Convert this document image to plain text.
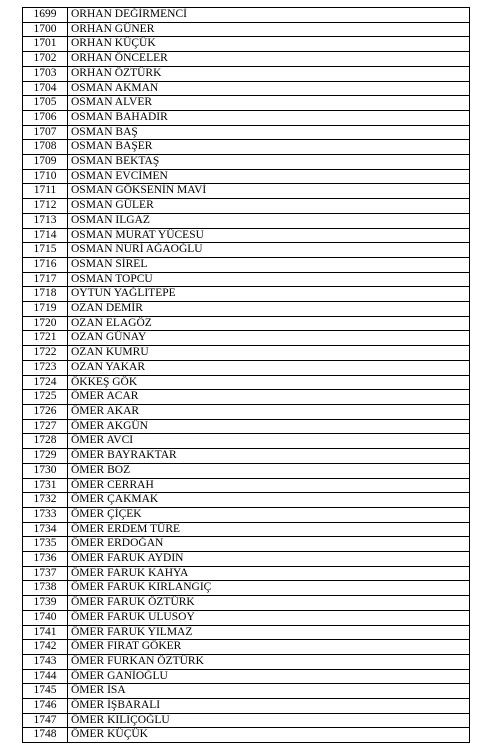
1699	ORHAN DEĞİRMENCİ
1700	ORHAN GÜNER
1701	ORHAN KÜÇÜK
1702	ORHAN ÖNCELER
1703	ORHAN ÖZTÜRK
1704	OSMAN AKMAN
1705	OSMAN ALVER
1706	OSMAN BAHADIR
1707	OSMAN BAŞ
1708	OSMAN BAŞER
1709	OSMAN BEKTAŞ
1710	OSMAN EVCİMEN
1711	OSMAN GÖKSENİN MAVİ
1712	OSMAN GÜLER
1713	OSMAN ILGAZ
1714	OSMAN MURAT YÜCESU
1715	OSMAN NURİ AĞAOĞLU
1716	OSMAN SİREL
1717	OSMAN TOPCU
1718	OYTUN YAĞLITEPE
1719	OZAN DEMİR
1720	OZAN ELAGÖZ
1721	OZAN GÜNAY
1722	OZAN KUMRU
1723	OZAN YAKAR
1724	ÖKKEŞ GÖK
1725	ÖMER ACAR
1726	ÖMER AKAR
1727	ÖMER AKGÜN
1728	ÖMER AVCI
1729	ÖMER BAYRAKTAR
1730	ÖMER BOZ
1731	ÖMER CERRAH
1732	ÖMER ÇAKMAK
1733	ÖMER ÇİÇEK
1734	ÖMER ERDEM TÜRE
1735	ÖMER ERDOĞAN
1736	ÖMER FARUK AYDIN
1737	ÖMER FARUK KAHYA
1738	ÖMER FARUK KIRLANGIÇ
1739	ÖMER FARUK ÖZTÜRK
1740	ÖMER FARUK ULUSOY
1741	ÖMER FARUK YILMAZ
1742	ÖMER FIRAT GÖKER
1743	ÖMER FURKAN ÖZTÜRK
1744	ÖMER GANİOĞLU
1745	ÖMER İSA
1746	ÖMER İŞBARALI
1747	ÖMER KILIÇOĞLU
1748	ÖMER KÜÇÜK
